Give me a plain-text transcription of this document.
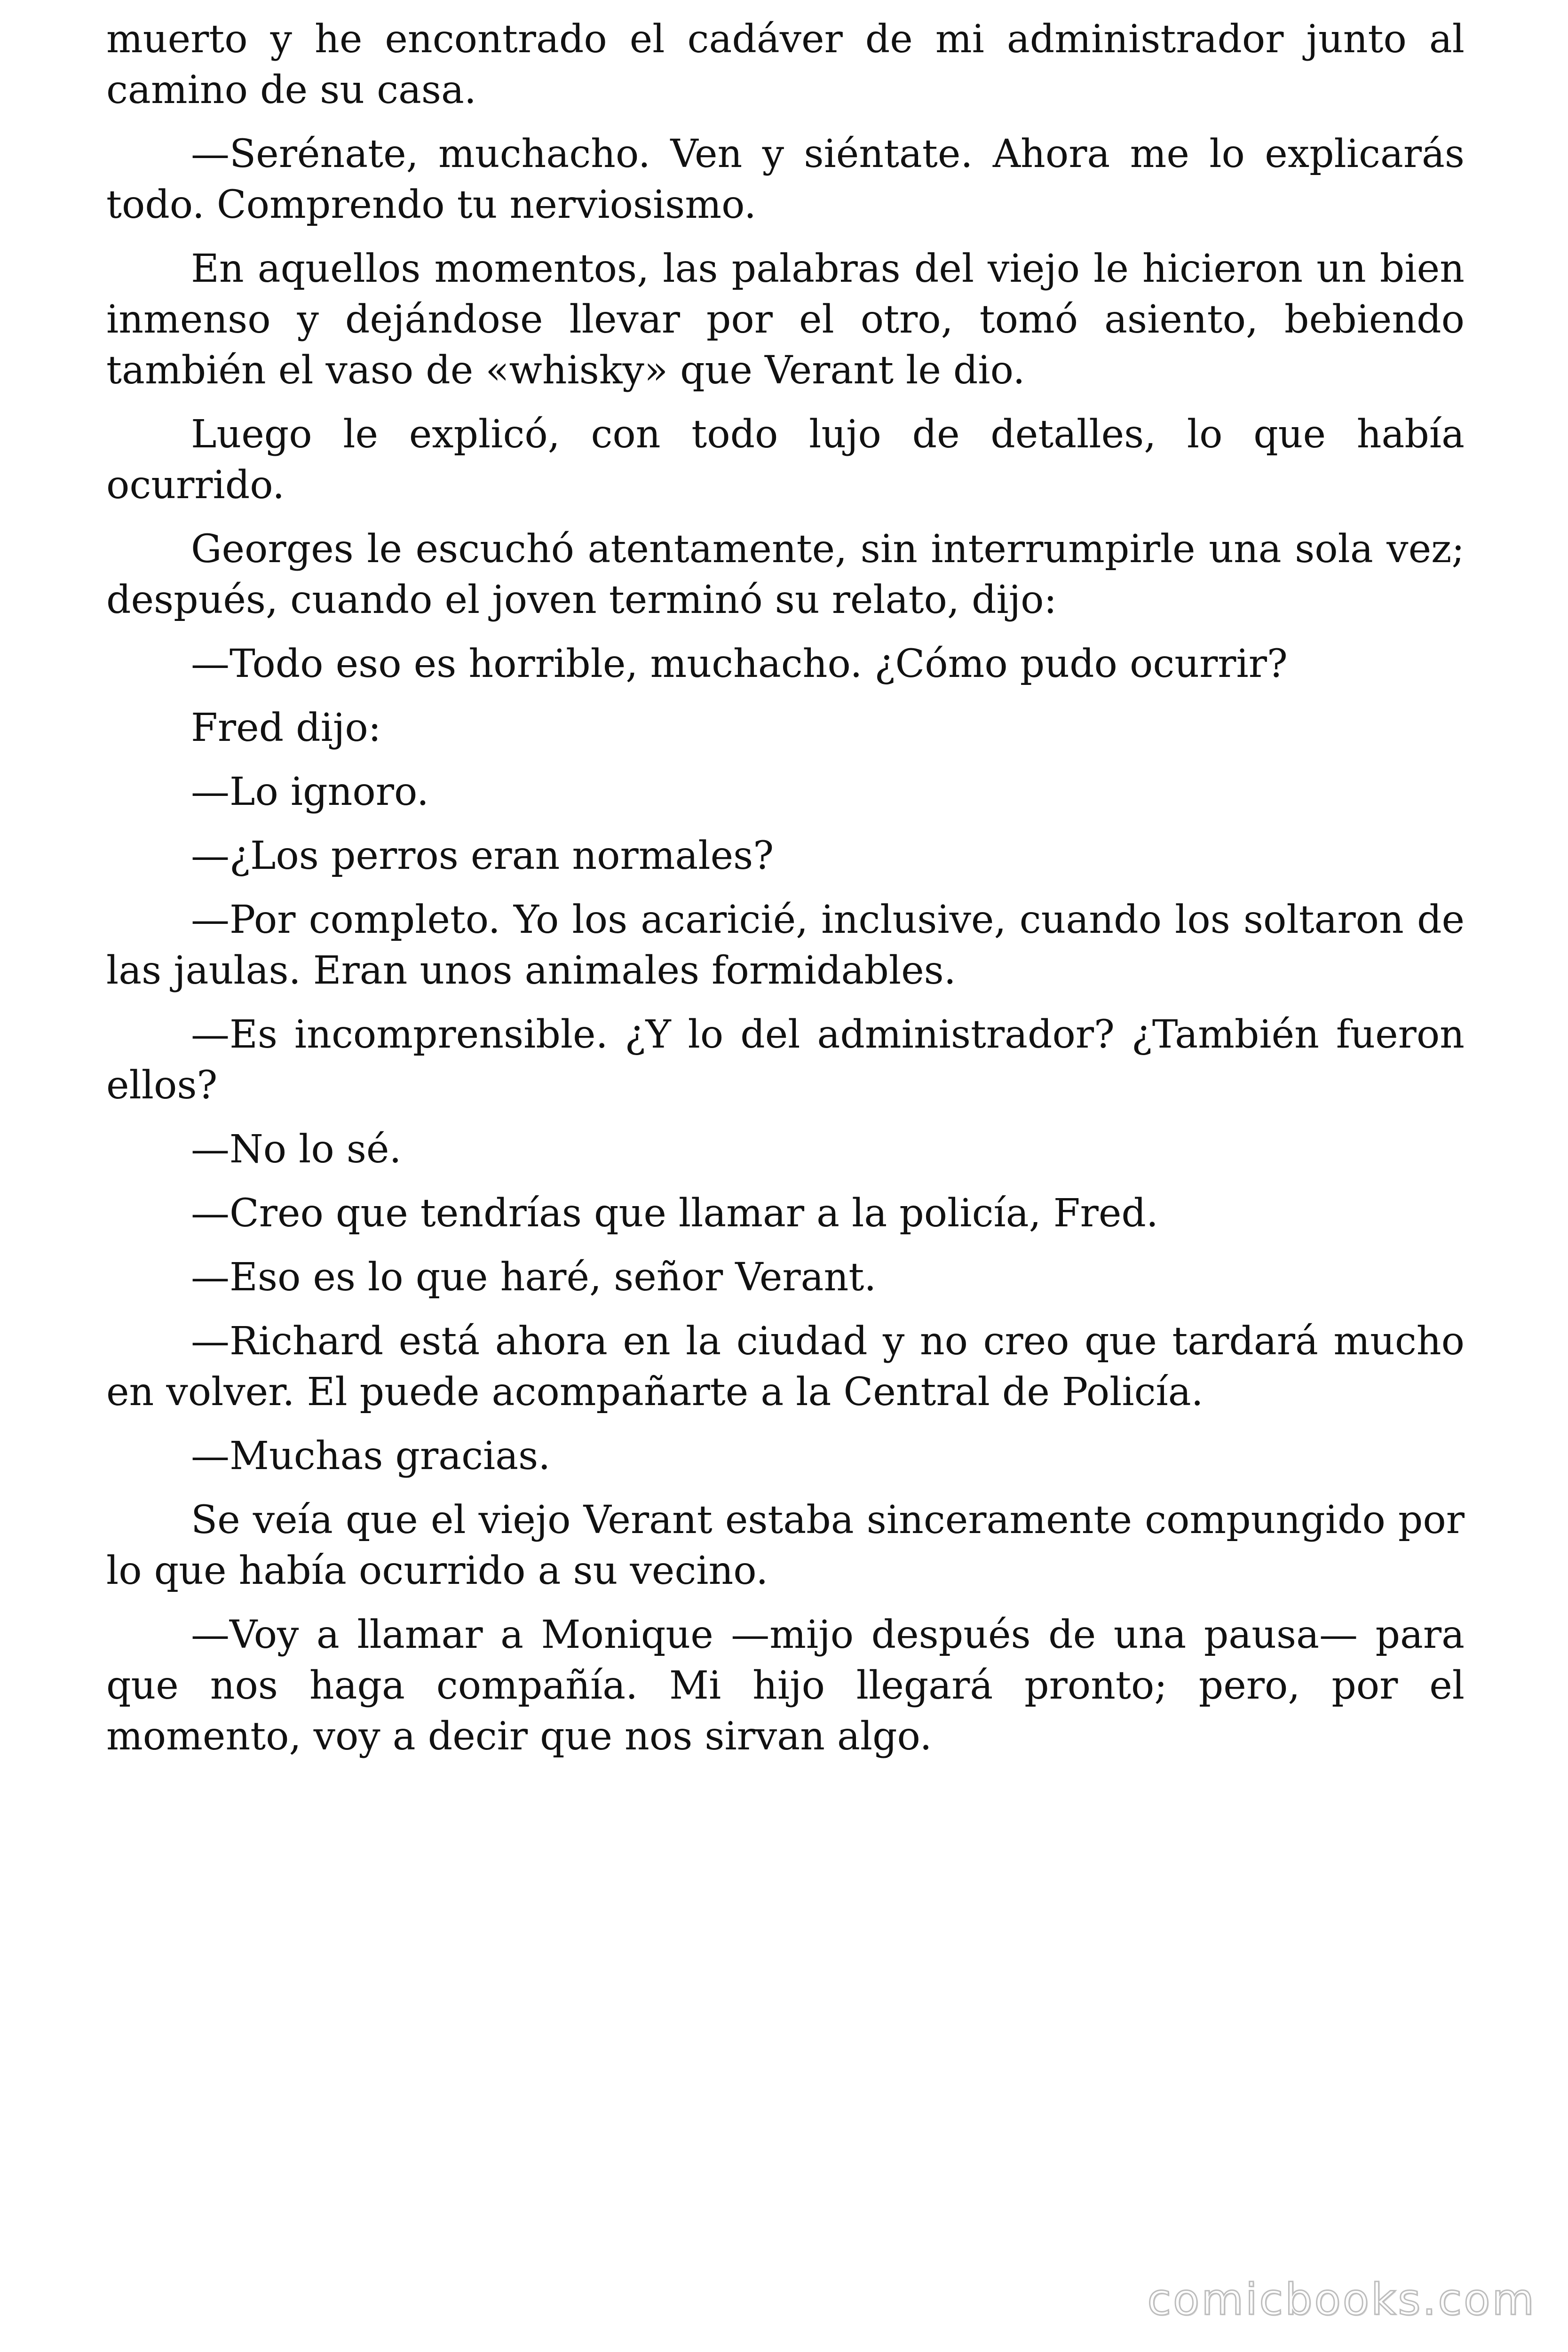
muerto y he encontrado el cadáver de mi administrador junto al camino de su casa.

—Serénate, muchacho. Ven y siéntate. Ahora me lo explicarás todo. Comprendo tu nerviosismo.

En aquellos momentos, las palabras del viejo le hicieron un bien inmenso y dejándose llevar por el otro, tomó asiento, bebiendo también el vaso de «whisky» que Verant le dio.

Luego le explicó, con todo lujo de detalles, lo que había ocurrido.

Georges le escuchó atentamente, sin interrumpirle una sola vez; después, cuando el joven terminó su relato, dijo:

—Todo eso es horrible, muchacho. ¿Cómo pudo ocurrir?

Fred dijo:

—Lo ignoro.

—¿Los perros eran normales?

—Por completo. Yo los acaricié, inclusive, cuando los soltaron de las jaulas. Eran unos animales formidables.

—Es incomprensible. ¿Y lo del administrador? ¿También fueron ellos?

—No lo sé.

—Creo que tendrías que llamar a la policía, Fred.

—Eso es lo que haré, señor Verant.

—Richard está ahora en la ciudad y no creo que tardará mucho en volver. El puede acompañarte a la Central de Policía.

—Muchas gracias.

Se veía que el viejo Verant estaba sinceramente compungido por lo que había ocurrido a su vecino.

—Voy a llamar a Monique —mijo después de una pausa— para que nos haga compañía. Mi hijo llegará pronto; pero, por el momento, voy a decir que nos sirvan algo.

comicbooks.com
